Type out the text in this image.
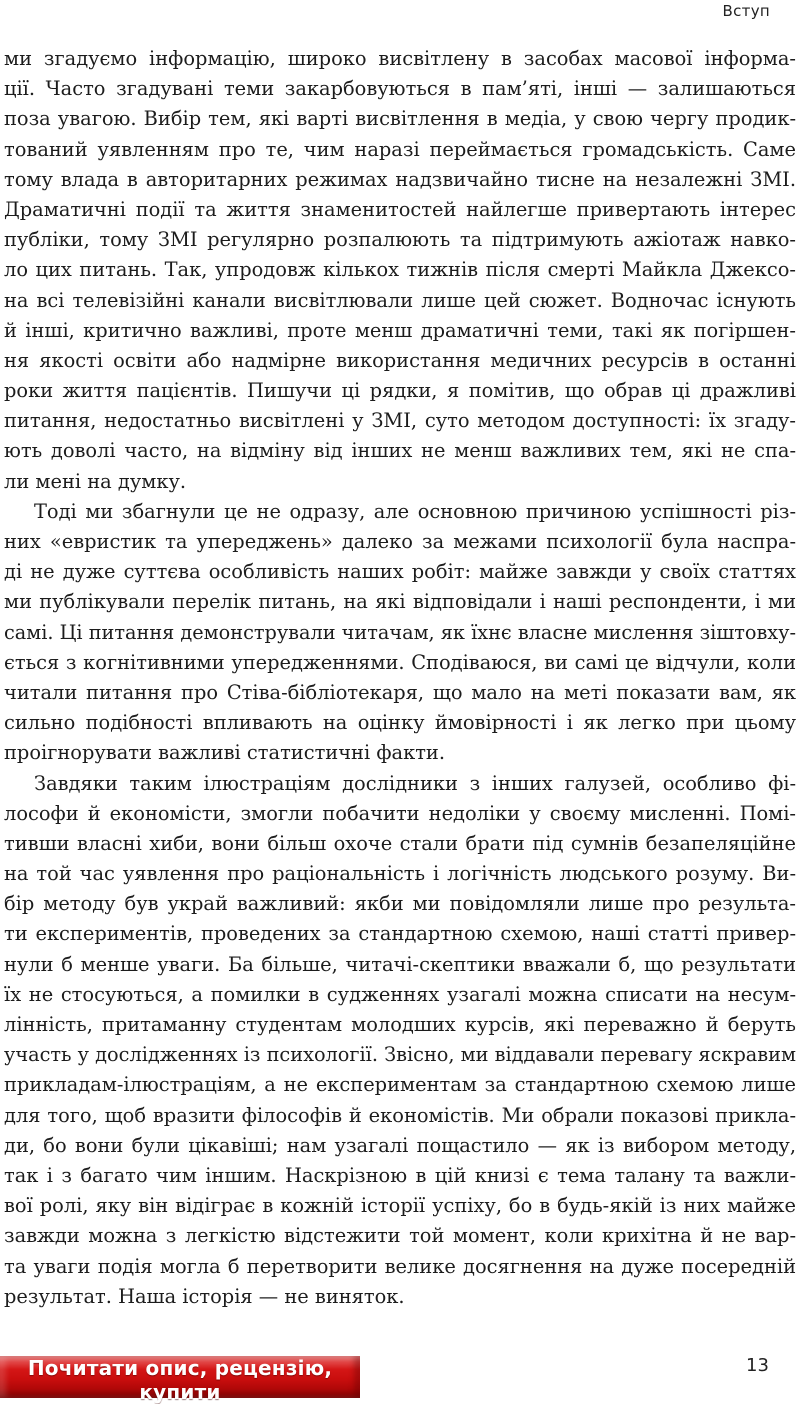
Вступ
ми згадуємо інформацію, широко висвітлену в засобах масової інформа-
ції. Часто згадувані теми закарбовуються в пам’яті, інші — залишаються
поза увагою. Вибір тем, які варті висвітлення в медіа, у свою чергу продик-
тований уявленням про те, чим наразі переймається громадськість. Саме
тому влада в авторитарних режимах надзвичайно тисне на незалежні ЗМІ.
Драматичні події та життя знаменитостей найлегше привертають інтерес
публіки, тому ЗМІ регулярно розпалюють та підтримують ажіотаж навко-
ло цих питань. Так, упродовж кількох тижнів після смерті Майкла Джексо-
на всі телевізійні канали висвітлювали лише цей сюжет. Водночас існують
й інші, критично важливі, проте менш драматичні теми, такі як погіршен-
ня якості освіти або надмірне використання медичних ресурсів в останні
роки життя пацієнтів. Пишучи ці рядки, я помітив, що обрав ці дражливі
питання, недостатньо висвітлені у ЗМІ, суто методом доступності: їх згаду-
ють доволі часто, на відміну від інших не менш важливих тем, які не спа-
ли мені на думку.
Тоді ми збагнули це не одразу, але основною причиною успішності різ-
них «евристик та упереджень» далеко за межами психології була наспра-
ді не дуже суттєва особливість наших робіт: майже завжди у своїх статтях
ми публікували перелік питань, на які відповідали і наші респонденти, і ми
самі. Ці питання демонстрували читачам, як їхнє власне мислення зіштовху-
ється з когнітивними упередженнями. Сподіваюся, ви самі це відчули, коли
читали питання про Стіва-бібліотекаря, що мало на меті показати вам, як
сильно подібності впливають на оцінку ймовірності і як легко при цьому
проігнорувати важливі статистичні факти.
Завдяки таким ілюстраціям дослідники з інших галузей, особливо фі-
лософи й економісти, змогли побачити недоліки у своєму мисленні. Помі-
тивши власні хиби, вони більш охоче стали брати під сумнів безапеляційне
на той час уявлення про раціональність і логічність людського розуму. Ви-
бір методу був украй важливий: якби ми повідомляли лише про результа-
ти експериментів, проведених за стандартною схемою, наші статті привер-
нули б менше уваги. Ба більше, читачі-скептики вважали б, що результати
їх не стосуються, а помилки в судженнях узагалі можна списати на несум-
лінність, притаманну студентам молодших курсів, які переважно й беруть
участь у дослідженнях із психології. Звісно, ми віддавали перевагу яскравим
прикладам-ілюстраціям, а не експериментам за стандартною схемою лише
для того, щоб вразити філософів й економістів. Ми обрали показові прикла-
ди, бо вони були цікавіші; нам узагалі пощастило — як із вибором методу,
так і з багато чим іншим. Наскрізною в цій книзі є тема талану та важли-
вої ролі, яку він відіграє в кожній історії успіху, бо в будь-якій із них майже
завжди можна з легкістю відстежити той момент, коли крихітна й не вар-
та уваги подія могла б перетворити велике досягнення на дуже посередній
результат. Наша історія — не виняток.
Почитати опис, рецензію, купити
13
